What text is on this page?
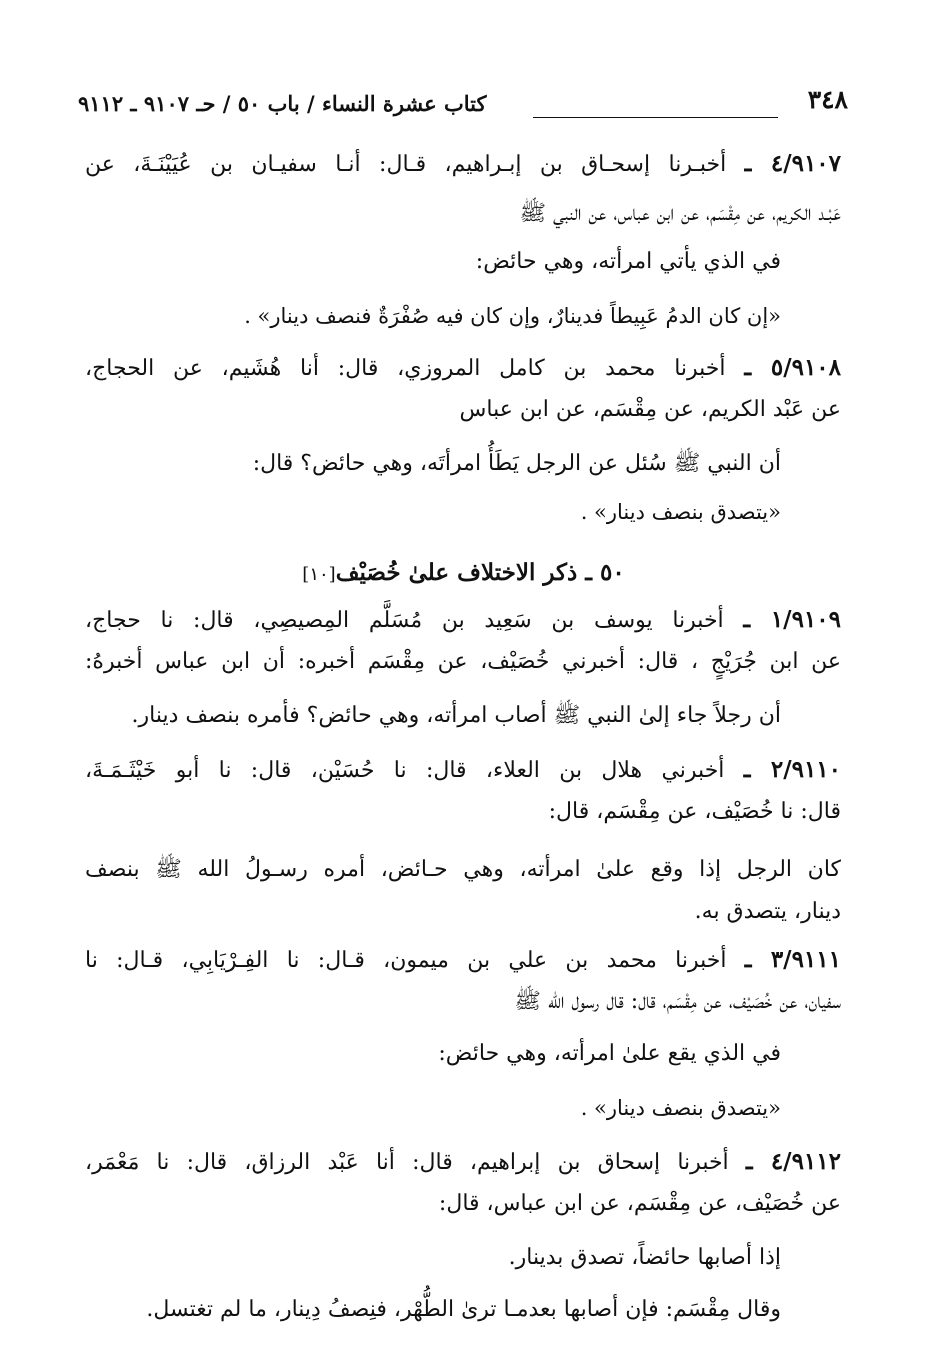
٣٤٨
كتاب عشرة النساء / باب ٥٠ / حـ ٩١٠٧ ـ ٩١١٢
٤/٩١٠٧ ـ أخبـرنا إسحـاق بن إبـراهيم، قـال: أنـا سفيـان بن عُيَيْنَـةَ، عن
عَبْـد الكريم، عن مِقْسَم، عن ابن عباس، عن النبي ﷺ
في الذي يأتي امرأته، وهي حائض:
«إن كان الدمُ عَبِيطاً فدينارٌ، وإن كان فيه صُفْرَةٌ فنصف دينار» .
٥/٩١٠٨ ـ أخبرنا محمد بن كامل المروزي، قال: أنا هُشَيم، عن الحجاج،
عن عَبْد الكريم، عن مِقْسَم، عن ابن عباس
أن النبي ﷺ سُئل عن الرجل يَطَأُ امرأتَه، وهي حائض؟ قال:
«يتصدق بنصف دينار» .
٥٠ ـ ذكر الاختلاف علىٰ خُصَيْف[١٠]
١/٩١٠٩ ـ أخبرنا يوسف بن سَعِيد بن مُسَلَّم المِصيصِي، قال: نا حجاج،
عن ابن جُرَيْجٍ ، قال: أخبرني خُصَيْف، عن مِقْسَم أخبره: أن ابن عباس أخبرهُ:
أن رجلاً جاء إلىٰ النبي ﷺ أصاب امرأته، وهي حائض؟ فأمره بنصف دينار.
٢/٩١١٠ ـ أخبرني هلال بن العلاء، قال: نا حُسَيْن، قال: نا أبو خَيْثَـمَـةَ،
قال: نا خُصَيْف، عن مِقْسَم، قال:
كان الرجل إذا وقع علىٰ امرأته، وهي حـائض، أمره رسـولُ الله ﷺ بنصف
دينار، يتصدق به.
٣/٩١١١ ـ أخبرنا محمد بن علي بن ميمون، قـال: نا الفِـرْيَابِي، قـال: نا
سفيان، عن خُصَيْف، عن مِقْسَم، قال: قال رسول الله ﷺ
في الذي يقع علىٰ امرأته، وهي حائض:
«يتصدق بنصف دينار» .
٤/٩١١٢ ـ أخبرنا إسحاق بن إبراهيم، قال: أنا عَبْد الرزاق، قال: نا مَعْمَر،
عن خُصَيْف، عن مِقْسَم، عن ابن عباس، قال:
إذا أصابها حائضاً، تصدق بدينار.
وقال مِقْسَم: فإن أصابها بعدمـا ترىٰ الطُّهْر، فنِصفُ دِينار، ما لم تغتسل.
